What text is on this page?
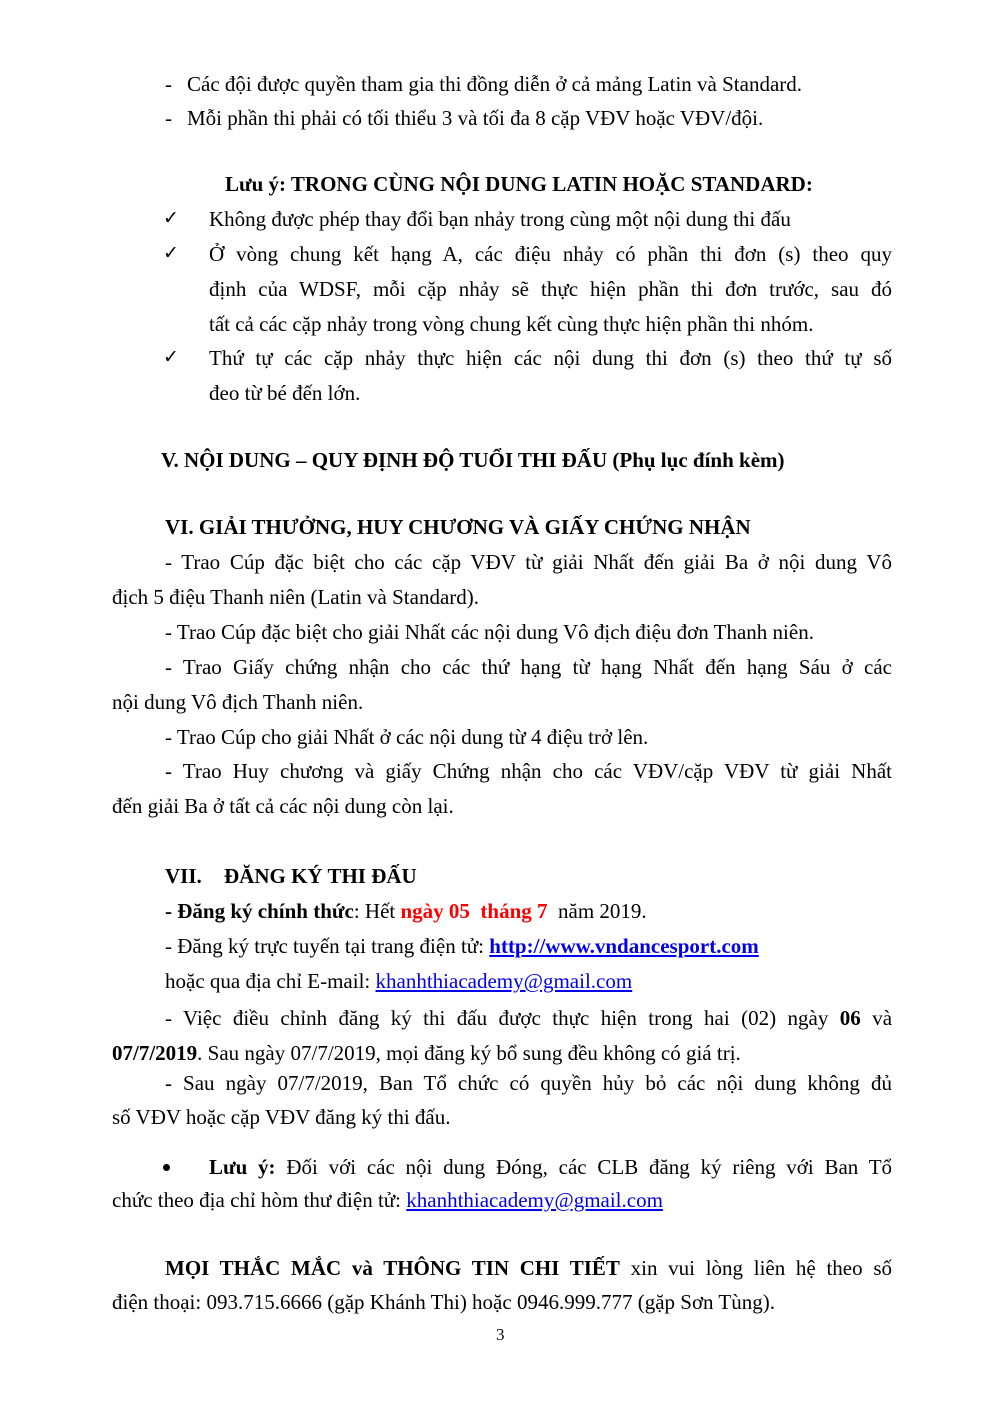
- Các đội được quyền tham gia thi đồng diễn ở cả mảng Latin và Standard.
- Mỗi phần thi phải có tối thiểu 3 và tối đa 8 cặp VĐV hoặc VĐV/đội.
Lưu ý: TRONG CÙNG NỘI DUNG LATIN HOẶC STANDARD:
✓ Không được phép thay đổi bạn nhảy trong cùng một nội dung thi đấu
✓ Ở vòng chung kết hạng A, các điệu nhảy có phần thi đơn (s) theo quy
định của WDSF, mỗi cặp nhảy sẽ thực hiện phần thi đơn trước, sau đó
tất cả các cặp nhảy trong vòng chung kết cùng thực hiện phần thi nhóm.
✓ Thứ tự các cặp nhảy thực hiện các nội dung thi đơn (s) theo thứ tự số
đeo từ bé đến lớn.
V. NỘI DUNG – QUY ĐỊNH ĐỘ TUỔI THI ĐẤU (Phụ lục đính kèm)
VI. GIẢI THƯỞNG, HUY CHƯƠNG VÀ GIẤY CHỨNG NHẬN
- Trao Cúp đặc biệt cho các cặp VĐV từ giải Nhất đến giải Ba ở nội dung Vô
địch 5 điệu Thanh niên (Latin và Standard).
- Trao Cúp đặc biệt cho giải Nhất các nội dung Vô địch điệu đơn Thanh niên.
- Trao Giấy chứng nhận cho các thứ hạng từ hạng Nhất đến hạng Sáu ở các
nội dung Vô địch Thanh niên.
- Trao Cúp cho giải Nhất ở các nội dung từ 4 điệu trở lên.
- Trao Huy chương và giấy Chứng nhận cho các VĐV/cặp VĐV từ giải Nhất
đến giải Ba ở tất cả các nội dung còn lại.
VII. ĐĂNG KÝ THI ĐẤU
- Đăng ký chính thức: Hết ngày 05 tháng 7 năm 2019.
- Đăng ký trực tuyến tại trang điện tử: http://www.vndancesport.com
hoặc qua địa chỉ E-mail: khanhthiacademy@gmail.com
- Việc điều chỉnh đăng ký thi đấu được thực hiện trong hai (02) ngày 06 và
07/7/2019. Sau ngày 07/7/2019, mọi đăng ký bổ sung đều không có giá trị.
- Sau ngày 07/7/2019, Ban Tổ chức có quyền hủy bỏ các nội dung không đủ
số VĐV hoặc cặp VĐV đăng ký thi đấu.
Lưu ý: Đối với các nội dung Đóng, các CLB đăng ký riêng với Ban Tổ
chức theo địa chỉ hòm thư điện tử: khanhthiacademy@gmail.com
MỌI THẮC MẮC và THÔNG TIN CHI TIẾT xin vui lòng liên hệ theo số
điện thoại: 093.715.6666 (gặp Khánh Thi) hoặc 0946.999.777 (gặp Sơn Tùng).
3
